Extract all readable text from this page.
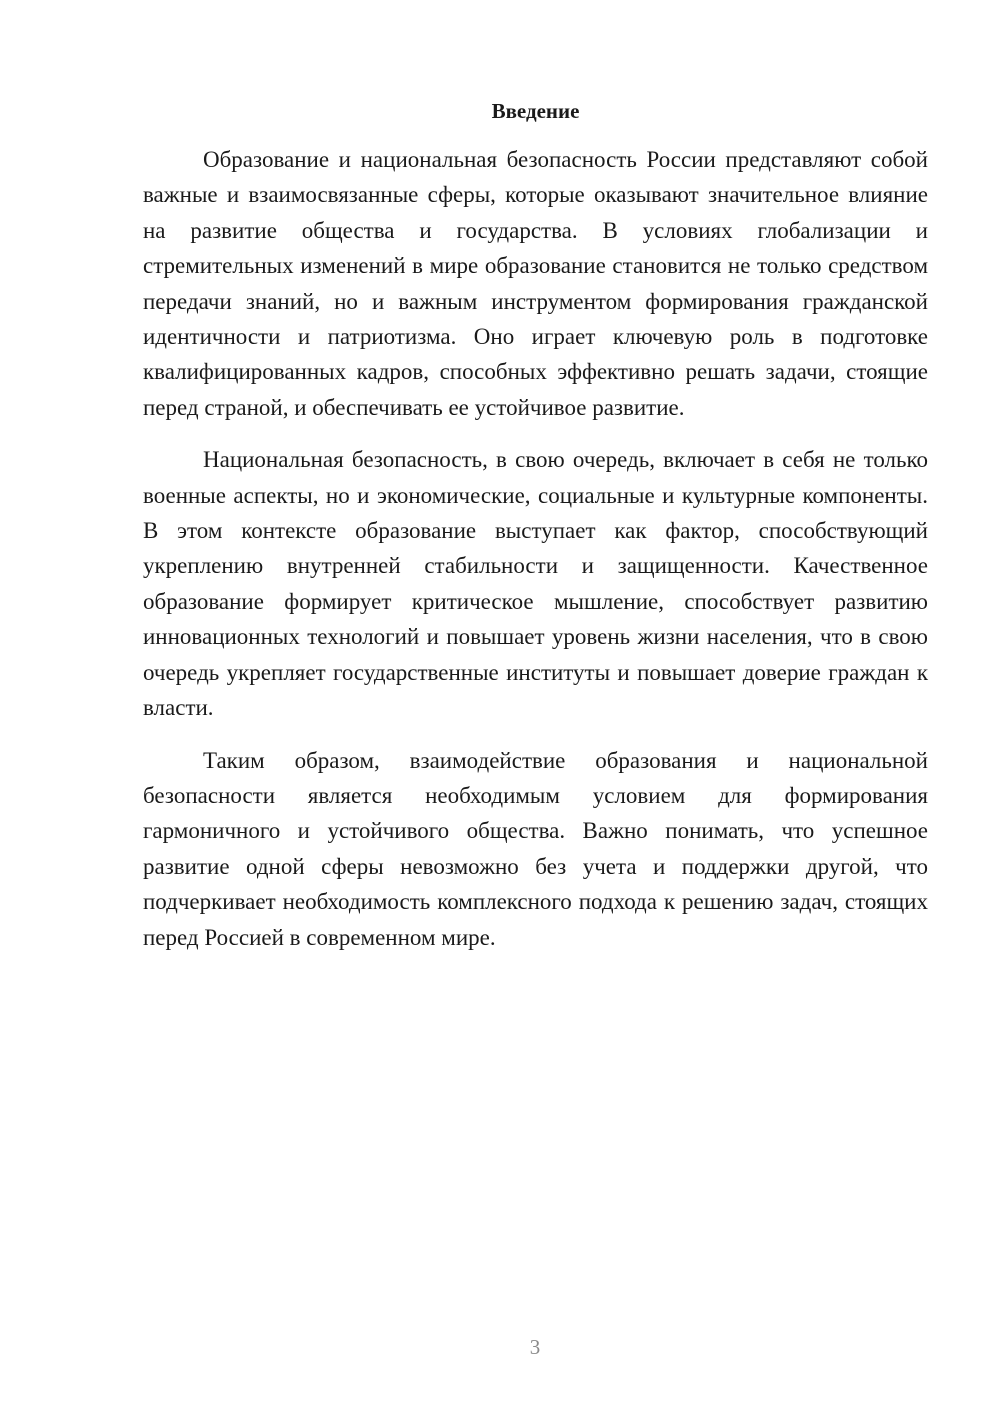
Введение

Образование и национальная безопасность России представляют собой важные и взаимосвязанные сферы, которые оказывают значительное влияние на развитие общества и государства. В условиях глобализации и стремительных изменений в мире образование становится не только средством передачи знаний, но и важным инструментом формирования гражданской идентичности и патриотизма. Оно играет ключевую роль в подготовке квалифицированных кадров, способных эффективно решать задачи, стоящие перед страной, и обеспечивать ее устойчивое развитие.

Национальная безопасность, в свою очередь, включает в себя не только военные аспекты, но и экономические, социальные и культурные компоненты. В этом контексте образование выступает как фактор, способствующий укреплению внутренней стабильности и защищенности. Качественное образование формирует критическое мышление, способствует развитию инновационных технологий и повышает уровень жизни населения, что в свою очередь укрепляет государственные институты и повышает доверие граждан к власти.

Таким образом, взаимодействие образования и национальной безопасности является необходимым условием для формирования гармоничного и устойчивого общества. Важно понимать, что успешное развитие одной сферы невозможно без учета и поддержки другой, что подчеркивает необходимость комплексного подхода к решению задач, стоящих перед Россией в современном мире.

3
